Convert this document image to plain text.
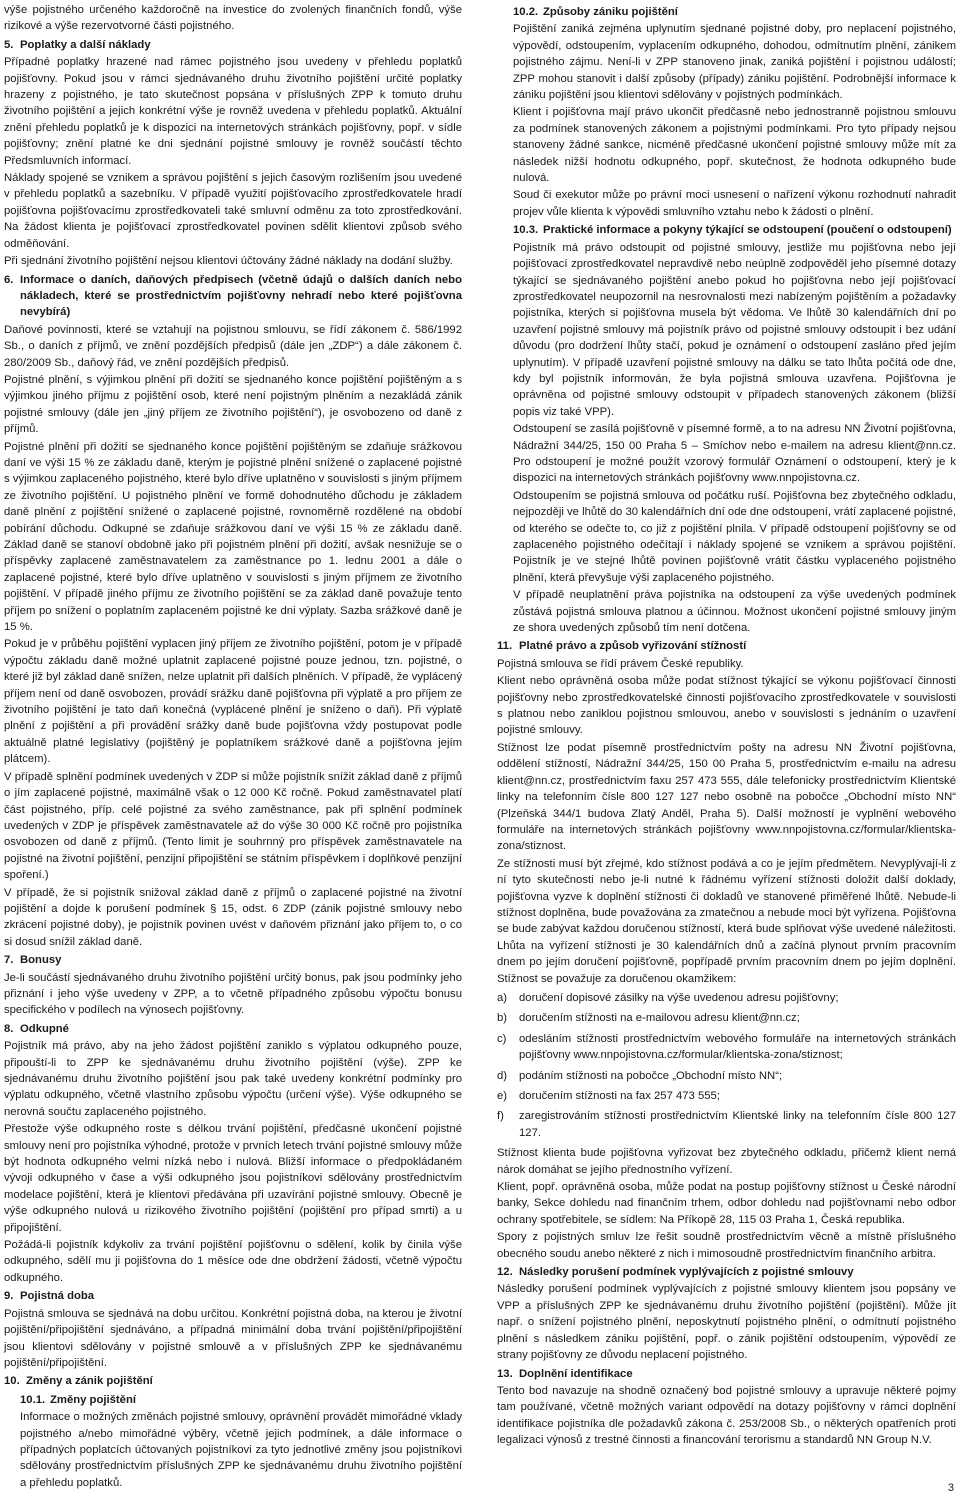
výše pojistného určeného každoročně na investice do zvolených finančních fondů, výše rizikové a výše rezervotvorné části pojistného.

5. Poplatky a další náklady

Případné poplatky hrazené nad rámec pojistného jsou uvedeny v přehledu poplatků pojišťovny. Pokud jsou v rámci sjednávaného druhu životního pojištění určité poplatky hrazeny z pojistného, je tato skutečnost popsána v příslušných ZPP k tomuto druhu životního pojištění a jejich konkrétní výše je rovněž uvedena v přehledu poplatků. Aktuální znění přehledu poplatků je k dispozici na internetových stránkách pojišťovny, popř. v sídle pojišťovny; znění platné ke dni sjednání pojistné smlouvy je rovněž součástí těchto Předsmluvních informací.

Náklady spojené se vznikem a správou pojištění s jejich časovým rozlišením jsou uvedené v přehledu poplatků a sazebníku. V případě využití pojišťovacího zprostředkovatele hradí pojišťovna pojišťovacímu zprostředkovateli také smluvní odměnu za toto zprostředkování. Na žádost klienta je pojišťovací zprostředkovatel povinen sdělit klientovi způsob svého odměňování.

Při sjednání životního pojištění nejsou klientovi účtovány žádné náklady na dodání služby.

6. Informace o daních, daňových předpisech (včetně údajů o dalších daních nebo nákladech, které se prostřednictvím pojišťovny nehradí nebo které pojišťovna nevybírá)

Daňové povinnosti, které se vztahují na pojistnou smlouvu, se řídí zákonem č. 586/1992 Sb., o daních z příjmů, ve znění pozdějších předpisů (dále jen „ZDP“) a dále zákonem č. 280/2009 Sb., daňový řád, ve znění pozdějších předpisů.

Pojistné plnění, s výjimkou plnění při dožití se sjednaného konce pojištění pojištěným a s výjimkou jiného příjmu z pojištění osob, které není pojistným plněním a nezakládá zánik pojistné smlouvy (dále jen „jiný příjem ze životního pojištění“), je osvobozeno od daně z příjmů.

Pojistné plnění při dožití se sjednaného konce pojištění pojištěným se zdaňuje srážkovou daní ve výši 15 % ze základu daně, kterým je pojistné plnění snížené o zaplacené pojistné s výjimkou zaplaceného pojistného, které bylo dříve uplatněno v souvislosti s jiným příjmem ze životního pojištění. U pojistného plnění ve formě dohodnutého důchodu je základem daně plnění z pojištění snížené o zaplacené pojistné, rovnoměrně rozdělené na období pobírání důchodu. Odkupné se zdaňuje srážkovou daní ve výši 15 % ze základu daně. Základ daně se stanoví obdobně jako při pojistném plnění při dožití, avšak nesnižuje se o příspěvky zaplacené zaměstnavatelem za zaměstnance po 1. lednu 2001 a dále o zaplacené pojistné, které bylo dříve uplatněno v souvislosti s jiným příjmem ze životního pojištění. V případě jiného příjmu ze životního pojištění se za základ daně považuje tento příjem po snížení o poplatním zaplaceném pojistné ke dni výplaty. Sazba srážkové daně je 15 %.

Pokud je v průběhu pojištění vyplacen jiný příjem ze životního pojištění, potom je v případě výpočtu základu daně možné uplatnit zaplacené pojistné pouze jednou, tzn. pojistné, o které již byl základ daně snížen, nelze uplatnit při dalších plněních. V případě, že vyplácený příjem není od daně osvobozen, provádí srážku daně pojišťovna při výplatě a pro příjem ze životního pojištění je tato daň konečná (vyplácené plnění je sníženo o daň). Při výplatě plnění z pojištění a při provádění srážky daně bude pojišťovna vždy postupovat podle aktuálně platné legislativy (pojištěný je poplatníkem srážkové daně a pojišťovna jejím plátcem).

V případě splnění podmínek uvedených v ZDP si může pojistník snížit základ daně z příjmů o jím zaplacené pojistné, maximálně však o 12 000 Kč ročně. Pokud zaměstnavatel platí část pojistného, příp. celé pojistné za svého zaměstnance, pak při splnění podmínek uvedených v ZDP je příspěvek zaměstnavatele až do výše 30 000 Kč ročně pro pojistníka osvobozen od daně z příjmů. (Tento limit je souhrnný pro příspěvek zaměstnavatele na pojistné na životní pojištění, penzijní připojištění se státním příspěvkem i doplňkové penzijní spoření.)

V případě, že si pojistník snižoval základ daně z příjmů o zaplacené pojistné na životní pojištění a dojde k porušení podmínek § 15, odst. 6 ZDP (zánik pojistné smlouvy nebo zkrácení pojistné doby), je pojistník povinen uvést v daňovém přiznání jako příjem to, o co si dosud snížil základ daně.

7. Bonusy

Je-li součástí sjednávaného druhu životního pojištění určitý bonus, pak jsou podmínky jeho přiznání i jeho výše uvedeny v ZPP, a to včetně případného způsobu výpočtu bonusu specifického v podílech na výnosech pojišťovny.

8. Odkupné

Pojistník má právo, aby na jeho žádost pojištění zaniklo s výplatou odkupného pouze, připouští-li to ZPP ke sjednávanému druhu životního pojištění (výše). ZPP ke sjednávanému druhu životního pojištění jsou pak také uvedeny konkrétní podmínky pro výplatu odkupného, včetně vlastního způsobu výpočtu (určení výše). Výše odkupného se nerovná součtu zaplaceného pojistného.

Přestože výše odkupného roste s délkou trvání pojištění, předčasné ukončení pojistné smlouvy není pro pojistníka výhodné, protože v prvních letech trvání pojistné smlouvy může být hodnota odkupného velmi nízká nebo i nulová. Bližší informace o předpokládaném vývoji odkupného v čase a výši odkupného jsou pojistníkovi sdělovány prostřednictvím modelace pojištění, která je klientovi předávána při uzavírání pojistné smlouvy. Obecně je výše odkupného nulová u rizikového životního pojištění (pojištění pro případ smrti) a u připojištění.

Požádá-li pojistník kdykoliv za trvání pojištění pojišťovnu o sdělení, kolik by činila výše odkupného, sdělí mu ji pojišťovna do 1 měsíce ode dne obdržení žádosti, včetně výpočtu odkupného.

9. Pojistná doba

Pojistná smlouva se sjednává na dobu určitou. Konkrétní pojistná doba, na kterou je životní pojištění/připojištění sjednáváno, a případná minimální doba trvání pojištění/připojištění jsou klientovi sdělovány v pojistné smlouvě a v příslušných ZPP ke sjednávanému pojištění/připojištění.

10. Změny a zánik pojištění
10.1. Změny pojištění

Informace o možných změnách pojistné smlouvy, oprávnění provádět mimořádné vklady pojistného a/nebo mimořádné výběry, včetně jejich podmínek, a dále informace o případných poplatcích účtovaných pojistníkovi za tyto jednotlivé změny jsou pojistníkovi sdělovány prostřednictvím příslušných ZPP ke sjednávanému druhu životního pojištění a přehledu poplatků.

10.2. Způsoby zániku pojištění

Pojištění zaniká zejména uplynutím sjednané pojistné doby, pro neplacení pojistného, výpovědí, odstoupením, vyplacením odkupného, dohodou, odmítnutím plnění, zánikem pojistného zájmu. Není-li v ZPP stanoveno jinak, zaniká pojištění i pojistnou událostí; ZPP mohou stanovit i další způsoby (případy) zániku pojištění. Podrobnější informace k zániku pojištění jsou klientovi sdělovány v pojistných podmínkách.

Klient i pojišťovna mají právo ukončit předčasně nebo jednostranně pojistnou smlouvu za podmínek stanovených zákonem a pojistnými podmínkami. Pro tyto případy nejsou stanoveny žádné sankce, nicméně předčasné ukončení pojistné smlouvy může mít za následek nižší hodnotu odkupného, popř. skutečnost, že hodnota odkupného bude nulová.

Soud či exekutor může po právní moci usnesení o nařízení výkonu rozhodnutí nahradit projev vůle klienta k výpovědi smluvního vztahu nebo k žádosti o plnění.

10.3. Praktické informace a pokyny týkající se odstoupení (poučení o odstoupení)

Pojistník má právo odstoupit od pojistné smlouvy, jestliže mu pojišťovna nebo její pojišťovací zprostředkovatel nepravdivě nebo neúplně zodpověděl jeho písemné dotazy týkající se sjednávaného pojištění anebo pokud ho pojišťovna nebo její pojišťovací zprostředkovatel neupozornil na nesrovnalosti mezi nabízeným pojištěním a požadavky pojistníka, kterých si pojišťovna musela být vědoma. Ve lhůtě 30 kalendářních dní po uzavření pojistné smlouvy má pojistník právo od pojistné smlouvy odstoupit i bez udání důvodu (pro dodržení lhůty stačí, pokud je oznámení o odstoupení zasláno před jejím uplynutím). V případě uzavření pojistné smlouvy na dálku se tato lhůta počítá ode dne, kdy byl pojistník informován, že byla pojistná smlouva uzavřena. Pojišťovna je oprávněna od pojistné smlouvy odstoupit v případech stanovených zákonem (bližší popis viz také VPP).

Odstoupení se zasílá pojišťovně v písemné formě, a to na adresu NN Životní pojišťovna, Nádražní 344/25, 150 00 Praha 5 – Smíchov nebo e-mailem na adresu klient@nn.cz. Pro odstoupení je možné použít vzorový formulář Oznámení o odstoupení, který je k dispozici na internetových stránkách pojišťovny www.nnpojistovna.cz.

Odstoupením se pojistná smlouva od počátku ruší. Pojišťovna bez zbytečného odkladu, nejpozději ve lhůtě do 30 kalendářních dní ode dne odstoupení, vrátí zaplacené pojistné, od kterého se odečte to, co již z pojištění plnila. V případě odstoupení pojišťovny se od zaplaceného pojistného odečítají i náklady spojené se vznikem a správou pojištění. Pojistník je ve stejné lhůtě povinen pojišťovně vrátit částku vyplaceného pojistného plnění, která převyšuje výši zaplaceného pojistného.

V případě neuplatnění práva pojistníka na odstoupení za výše uvedených podmínek zůstává pojistná smlouva platnou a účinnou. Možnost ukončení pojistné smlouvy jiným ze shora uvedených způsobů tím není dotčena.

11. Platné právo a způsob vyřizování stížností

Pojistná smlouva se řídí právem České republiky.

Klient nebo oprávněná osoba může podat stížnost týkající se výkonu pojišťovací činnosti pojišťovny nebo zprostředkovatelské činnosti pojišťovacího zprostředkovatele v souvislosti s platnou nebo zaniklou pojistnou smlouvou, anebo v souvislosti s jednáním o uzavření pojistné smlouvy.

Stížnost lze podat písemně prostřednictvím pošty na adresu NN Životní pojišťovna, oddělení stížností, Nádražní 344/25, 150 00 Praha 5, prostřednictvím e-mailu na adresu klient@nn.cz, prostřednictvím faxu 257 473 555, dále telefonicky prostřednictvím Klientské linky na telefonním čísle 800 127 127 nebo osobně na pobočce „Obchodní místo NN“ (Plzeňská 344/1 budova Zlatý Anděl, Praha 5). Další možností je vyplnění webového formuláře na internetových stránkách pojišťovny www.nnpojistovna.cz/formular/klientska-zona/stiznost.

Ze stížnosti musí být zřejmé, kdo stížnost podává a co je jejím předmětem. Nevyplývají-li z ní tyto skutečnosti nebo je-li nutné k řádnému vyřízení stížnosti doložit další doklady, pojišťovna vyzve k doplnění stížnosti či dokladů ve stanovené přiměřené lhůtě. Nebude-li stížnost doplněna, bude považována za zmatečnou a nebude moci být vyřízena. Pojišťovna se bude zabývat každou doručenou stížností, která bude splňovat výše uvedené náležitosti. Lhůta na vyřízení stížnosti je 30 kalendářních dnů a začíná plynout prvním pracovním dnem po jejím doručení pojišťovně, popřípadě prvním pracovním dnem po jejím doplnění. Stížnost se považuje za doručenou okamžikem:

a)	doručení dopisové zásilky na výše uvedenou adresu pojišťovny;
b)	doručením stížnosti na e-mailovou adresu klient@nn.cz;
c)	odesláním stížnosti prostřednictvím webového formuláře na internetových stránkách pojišťovny www.nnpojistovna.cz/formular/klientska-zona/stiznost;
d)	podáním stížnosti na pobočce „Obchodní místo NN“;
e)	doručením stížnosti na fax 257 473 555;
f)	zaregistrováním stížnosti prostřednictvím Klientské linky na telefonním čísle 800 127 127.

Stížnost klienta bude pojišťovna vyřizovat bez zbytečného odkladu, přičemž klient nemá nárok domáhat se jejího přednostního vyřízení.

Klient, popř. oprávněná osoba, může podat na postup pojišťovny stížnost u České národní banky, Sekce dohledu nad finančním trhem, odbor dohledu nad pojišťovnami nebo odbor ochrany spotřebitele, se sídlem: Na Příkopě 28, 115 03 Praha 1, Česká republika.

Spory z pojistných smluv lze řešit soudně prostřednictvím věcně a místně příslušného obecného soudu anebo některé z nich i mimosoudně prostřednictvím finančního arbitra.

12. Následky porušení podmínek vyplývajících z pojistné smlouvy

Následky porušení podmínek vyplývajících z pojistné smlouvy klientem jsou popsány ve VPP a příslušných ZPP ke sjednávanému druhu životního pojištění (pojištění). Může jít např. o snížení pojistného plnění, neposkytnutí pojistného plnění, o odmítnutí pojistného plnění s následkem zániku pojištění, popř. o zánik pojištění odstoupením, výpovědí ze strany pojišťovny ze důvodu neplacení pojistného.

13. Doplnění identifikace

Tento bod navazuje na shodně označený bod pojistné smlouvy a upravuje některé pojmy tam používané, včetně možných variant odpovědí na dotazy pojišťovny v rámci doplnění identifikace pojistníka dle požadavků zákona č. 253/2008 Sb., o některých opatřeních proti legalizaci výnosů z trestné činnosti a financování terorismu a standardů NN Group N.V.

3
